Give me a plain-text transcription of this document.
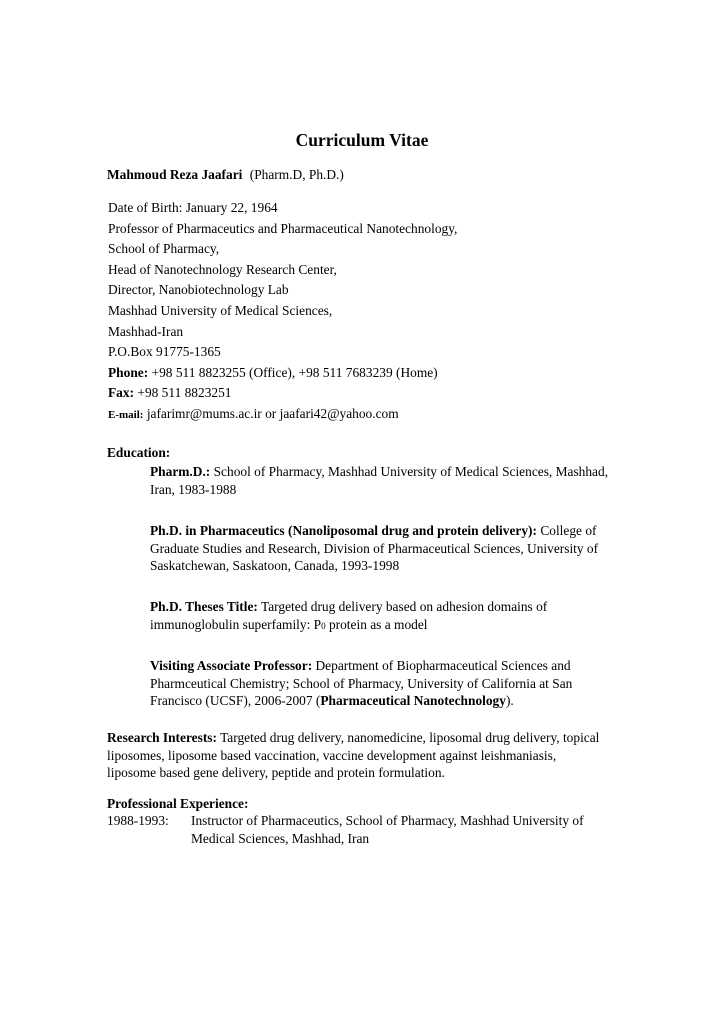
Curriculum Vitae
Mahmoud Reza Jaafari (Pharm.D, Ph.D.)
Date of Birth: January 22, 1964
Professor of Pharmaceutics and Pharmaceutical Nanotechnology,
School of Pharmacy,
Head of Nanotechnology Research Center,
Director, Nanobiotechnology Lab
Mashhad University of Medical Sciences,
Mashhad-Iran
P.O.Box 91775-1365
Phone: +98 511 8823255 (Office), +98 511 7683239 (Home)
Fax: +98 511 8823251
E-mail: jafarimr@mums.ac.ir or jaafari42@yahoo.com
Education:
Pharm.D.: School of Pharmacy, Mashhad University of Medical Sciences, Mashhad, Iran, 1983-1988
Ph.D. in Pharmaceutics (Nanoliposomal drug and protein delivery): College of Graduate Studies and Research, Division of Pharmaceutical Sciences, University of Saskatchewan, Saskatoon, Canada, 1993-1998
Ph.D. Theses Title: Targeted drug delivery based on adhesion domains of immunoglobulin superfamily: P0 protein as a model
Visiting Associate Professor: Department of Biopharmaceutical Sciences and Pharmceutical Chemistry; School of Pharmacy, University of California at San Francisco (UCSF), 2006-2007 (Pharmaceutical Nanotechnology).
Research Interests: Targeted drug delivery, nanomedicine, liposomal drug delivery, topical liposomes, liposome based vaccination, vaccine development against leishmaniasis, liposome based gene delivery, peptide and protein formulation.
Professional Experience:
1988-1993: Instructor of Pharmaceutics, School of Pharmacy, Mashhad University of Medical Sciences, Mashhad, Iran
